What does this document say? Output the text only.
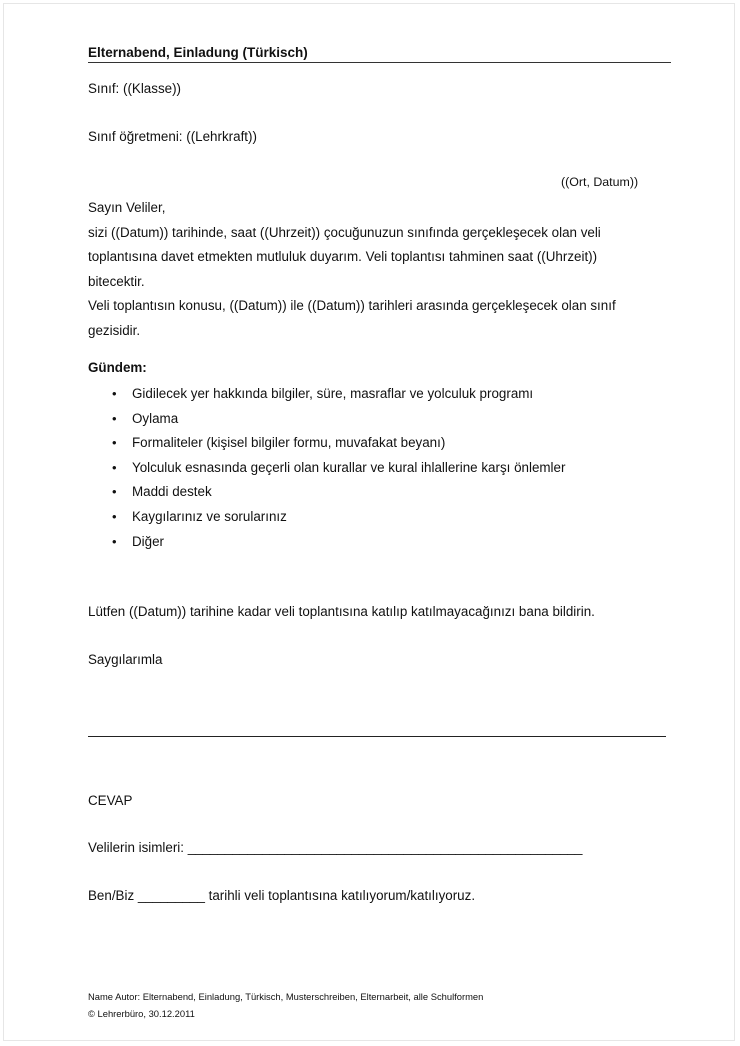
Elternabend, Einladung (Türkisch)
Sınıf: ((Klasse))
Sınıf öğretmeni: ((Lehrkraft))
((Ort, Datum))
Sayın Veliler,
sizi ((Datum)) tarihinde, saat ((Uhrzeit)) çocuğunuzun sınıfında gerçekleşecek olan veli
toplantısına davet etmekten mutluluk duyarım. Veli toplantısı tahminen saat ((Uhrzeit))
bitecektir.
Veli toplantısın konusu, ((Datum)) ile ((Datum)) tarihleri arasında gerçekleşecek olan sınıf
gezisidir.
Gündem:
• Gidilecek yer hakkında bilgiler, süre, masraflar ve yolculuk programı
• Oylama
• Formaliteler (kişisel bilgiler formu, muvafakat beyanı)
• Yolculuk esnasında geçerli olan kurallar ve kural ihlallerine karşı önlemler
• Maddi destek
• Kaygılarınız ve sorularınız
• Diğer
Lütfen ((Datum)) tarihine kadar veli toplantısına katılıp katılmayacağınızı bana bildirin.
Saygılarımla
CEVAP
Velilerin isimleri: _____________________________________________________
Ben/Biz _________ tarihli veli toplantısına katılıyorum/katılıyoruz.
Name Autor: Elternabend, Einladung, Türkisch, Musterschreiben, Elternarbeit, alle Schulformen
© Lehrerbüro, 30.12.2011
